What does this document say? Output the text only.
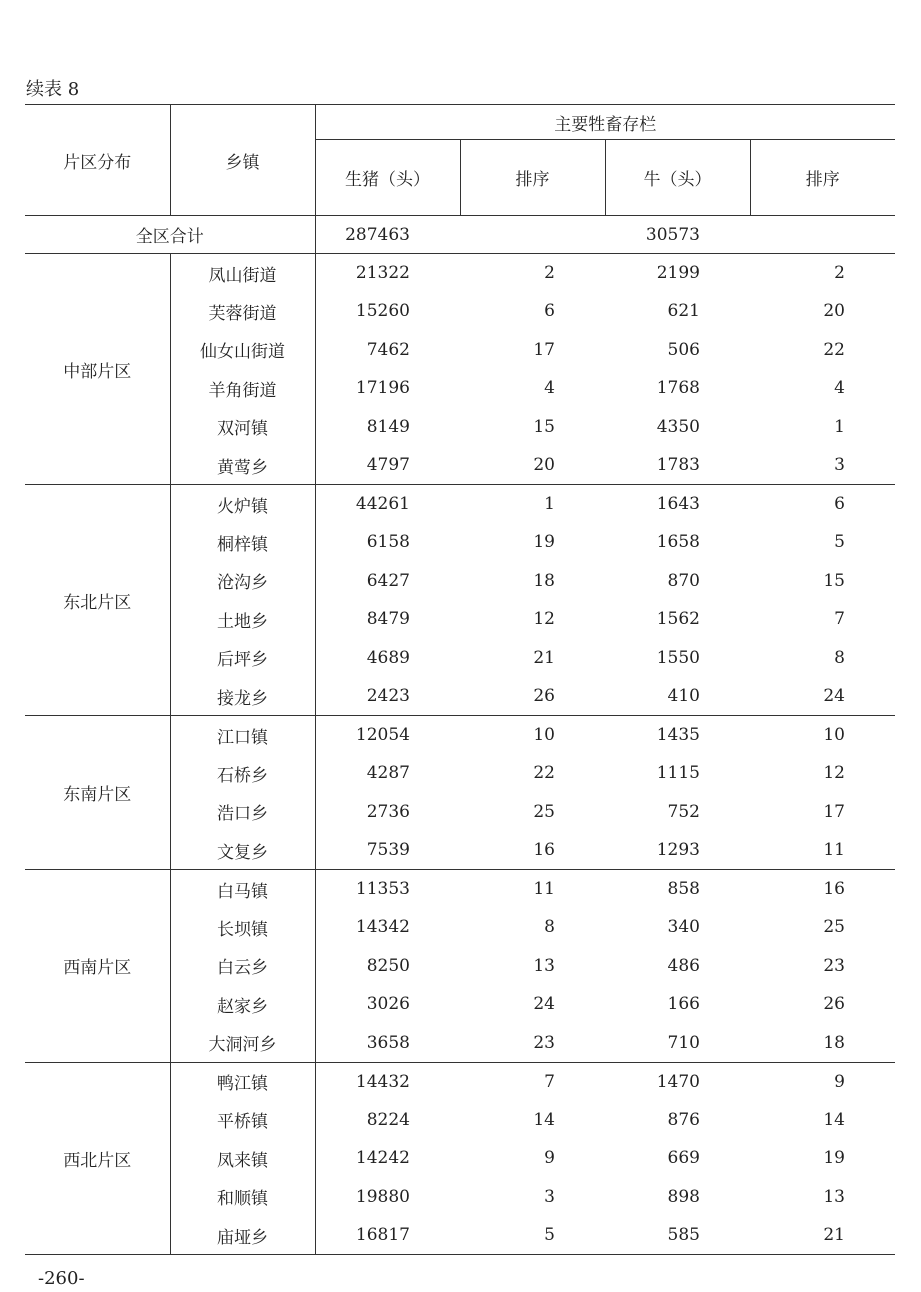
续表 8
片区分布	乡镇	主要牲畜存栏			
		生猪（头）	排序	牛（头）	排序
全区合计		287463		30573	
中部片区	凤山街道	21322	2	2199	2
	芙蓉街道	15260	6	621	20
	仙女山街道	7462	17	506	22
	羊角街道	17196	4	1768	4
	双河镇	8149	15	4350	1
	黄莺乡	4797	20	1783	3
东北片区	火炉镇	44261	1	1643	6
	桐梓镇	6158	19	1658	5
	沧沟乡	6427	18	870	15
	土地乡	8479	12	1562	7
	后坪乡	4689	21	1550	8
	接龙乡	2423	26	410	24
东南片区	江口镇	12054	10	1435	10
	石桥乡	4287	22	1115	12
	浩口乡	2736	25	752	17
	文复乡	7539	16	1293	11
西南片区	白马镇	11353	11	858	16
	长坝镇	14342	8	340	25
	白云乡	8250	13	486	23
	赵家乡	3026	24	166	26
	大洞河乡	3658	23	710	18
西北片区	鸭江镇	14432	7	1470	9
	平桥镇	8224	14	876	14
	凤来镇	14242	9	669	19
	和顺镇	19880	3	898	13
	庙垭乡	16817	5	585	21
-260-
